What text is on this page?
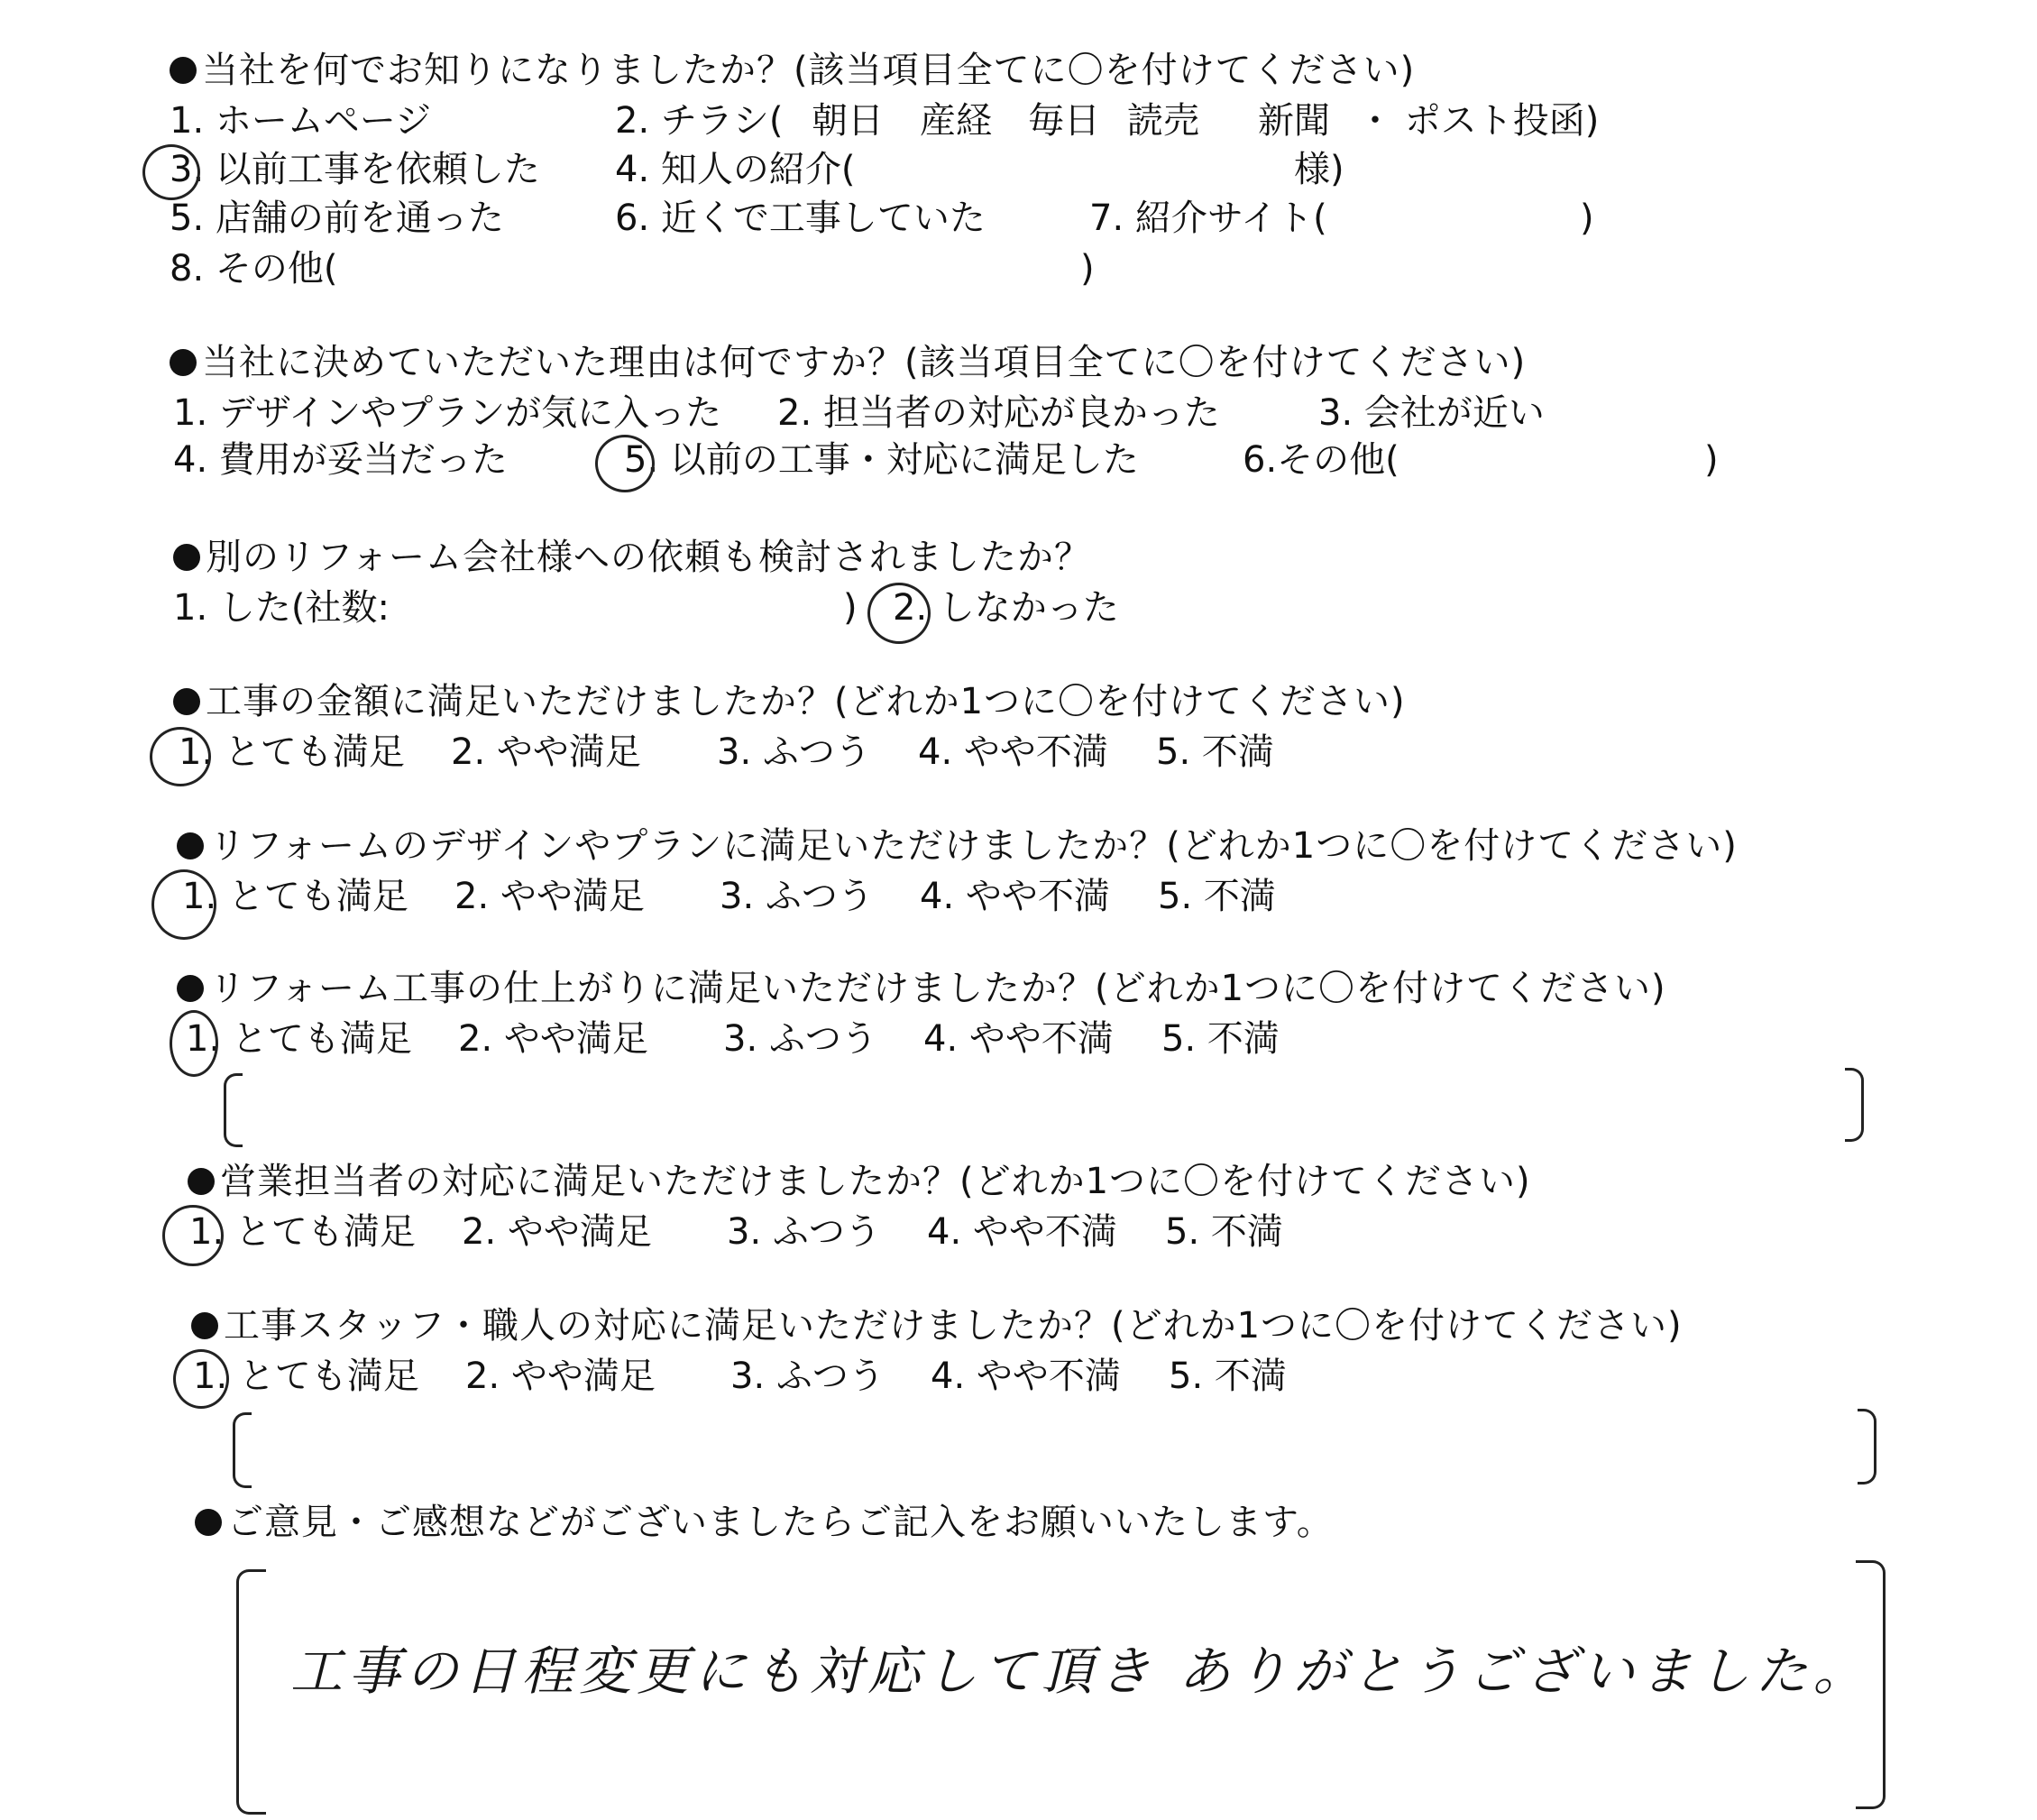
当社を何でお知りになりましたか？(該当項目全てに〇を付けてください)
1. ホームページ	2. チラシ( 朝日 産経 毎日 読売 新聞 ・ ポスト投函)
3. 以前工事を依頼した 4. 知人の紹介(	様)
5. 店舗の前を通った	6. 近くで工事していた	7. 紹介サイト(	)
8. その他(	)
当社に決めていただいた理由は何ですか？(該当項目全てに〇を付けてください)
1. デザインやプランが気に入った 2. 担当者の対応が良かった	3. 会社が近い
4. 費用が妥当だった	5. 以前の工事・対応に満足した	6.その他(	)
別のリフォーム会社様への依頼も検討されましたか？
1. した(社数:	) 2. しなかった
工事の金額に満足いただけましたか？(どれか1つに〇を付けてください)
1. とても満足 2. やや満足 3. ふつう 4. やや不満 5. 不満
リフォームのデザインやプランに満足いただけましたか？(どれか1つに〇を付けてください)
1. とても満足 2. やや満足 3. ふつう 4. やや不満 5. 不満
リフォーム工事の仕上がりに満足いただけましたか？(どれか1つに〇を付けてください)
1. とても満足 2. やや満足 3. ふつう 4. やや不満 5. 不満
営業担当者の対応に満足いただけましたか？(どれか1つに〇を付けてください)
1. とても満足 2. やや満足 3. ふつう 4. やや不満 5. 不満
工事スタッフ・職人の対応に満足いただけましたか？(どれか1つに〇を付けてください)
1. とても満足 2. やや満足 3. ふつう 4. やや不満 5. 不満
ご意見・ご感想などがございましたらご記入をお願いいたします。
工事の日程変更にも対応して頂き ありがとうございました。
